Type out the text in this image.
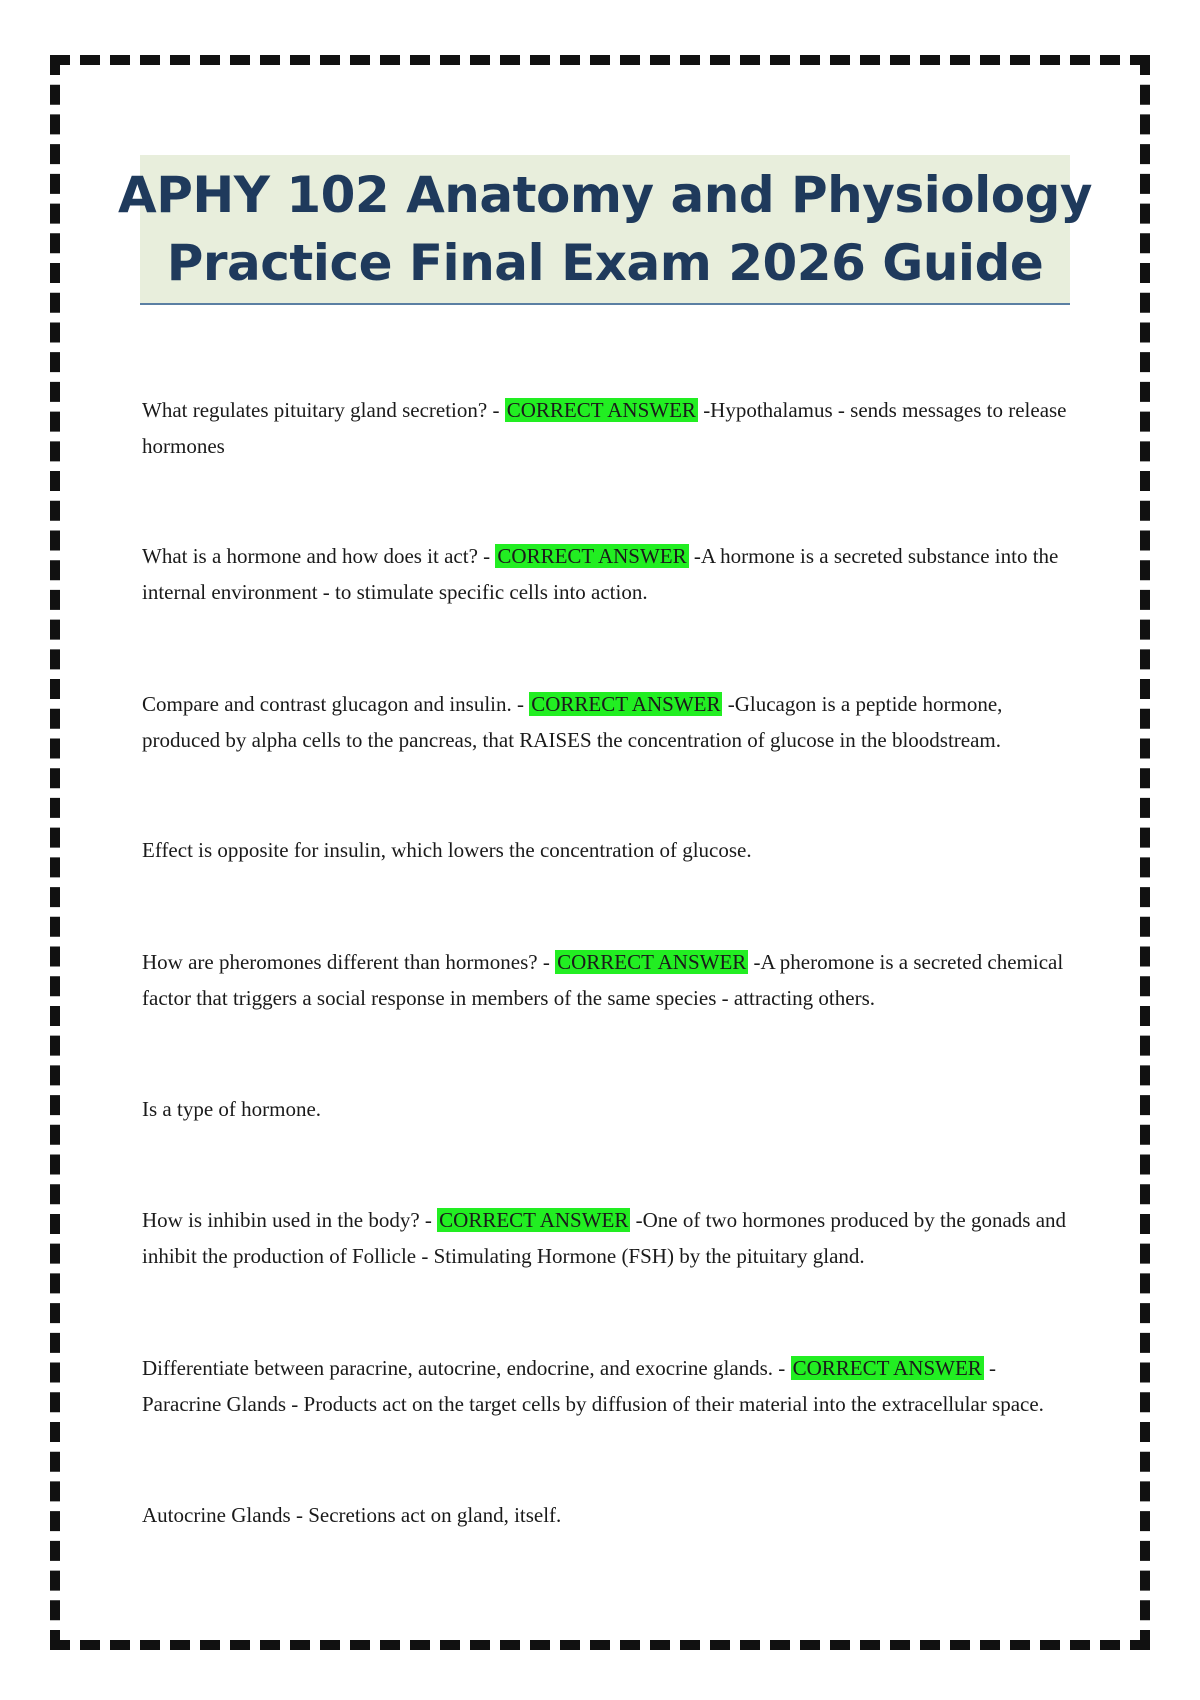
APHY 102 Anatomy and Physiology
Practice Final Exam 2026 Guide
What regulates pituitary gland secretion? - CORRECT ANSWER -Hypothalamus - sends messages to release hormones
What is a hormone and how does it act? - CORRECT ANSWER -A hormone is a secreted substance into the internal environment - to stimulate specific cells into action.
Compare and contrast glucagon and insulin. - CORRECT ANSWER -Glucagon is a peptide hormone, produced by alpha cells to the pancreas, that RAISES the concentration of glucose in the bloodstream.
Effect is opposite for insulin, which lowers the concentration of glucose.
How are pheromones different than hormones? - CORRECT ANSWER -A pheromone is a secreted chemical factor that triggers a social response in members of the same species - attracting others.
Is a type of hormone.
How is inhibin used in the body? - CORRECT ANSWER -One of two hormones produced by the gonads and inhibit the production of Follicle - Stimulating Hormone (FSH) by the pituitary gland.
Differentiate between paracrine, autocrine, endocrine, and exocrine glands. - CORRECT ANSWER - Paracrine Glands - Products act on the target cells by diffusion of their material into the extracellular space.
Autocrine Glands - Secretions act on gland, itself.
